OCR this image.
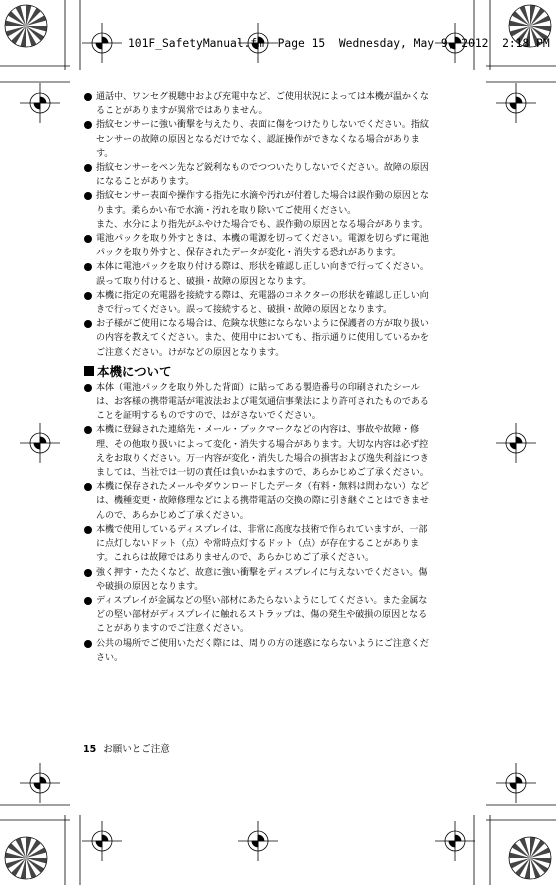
101F_SafetyManual.fm  Page 15  Wednesday, May 9, 2012  2:18 PM
通話中、ワンセグ視聴中および充電中など、ご使用状況によっては本機が温かくなることがありますが異常ではありません。
指紋センサーに強い衝撃を与えたり、表面に傷をつけたりしないでください。指紋センサーの故障の原因となるだけでなく、認証操作ができなくなる場合があります。
指紋センサーをペン先など鋭利なものでつついたりしないでください。故障の原因になることがあります。
指紋センサー表面や操作する指先に水滴や汚れが付着した場合は誤作動の原因となります。柔らかい布で水滴・汚れを取り除いてご使用ください。
また、水分により指先がふやけた場合でも、誤作動の原因となる場合があります。
電池パックを取り外すときは、本機の電源を切ってください。電源を切らずに電池パックを取り外すと、保存されたデータが変化・消失する恐れがあります。
本体に電池パックを取り付ける際は、形状を確認し正しい向きで行ってください。誤って取り付けると、破損・故障の原因となります。
本機に指定の充電器を接続する際は、充電器のコネクターの形状を確認し正しい向きで行ってください。誤って接続すると、破損・故障の原因となります。
お子様がご使用になる場合は、危険な状態にならないように保護者の方が取り扱いの内容を教えてください。また、使用中においても、指示通りに使用しているかをご注意ください。けがなどの原因となります。
本機について
本体（電池パックを取り外した背面）に貼ってある製造番号の印刷されたシールは、お客様の携帯電話が電波法および電気通信事業法により許可されたものであることを証明するものですので、はがさないでください。
本機に登録された連絡先・メール・ブックマークなどの内容は、事故や故障・修理、その他取り扱いによって変化・消失する場合があります。大切な内容は必ず控えをお取りください。万一内容が変化・消失した場合の損害および逸失利益につきましては、当社では一切の責任は負いかねますので、あらかじめご了承ください。
本機に保存されたメールやダウンロードしたデータ（有料・無料は問わない）などは、機種変更・故障修理などによる携帯電話の交換の際に引き継ぐことはできませんので、あらかじめご了承ください。
本機で使用しているディスプレイは、非常に高度な技術で作られていますが、一部に点灯しないドット（点）や常時点灯するドット（点）が存在することがあります。これらは故障ではありませんので、あらかじめご了承ください。
強く押す・たたくなど、故意に強い衝撃をディスプレイに与えないでください。傷や破損の原因となります。
ディスプレイが金属などの堅い部材にあたらないようにしてください。また金属などの堅い部材がディスプレイに触れるストラップは、傷の発生や破損の原因となることがありますのでご注意ください。
公共の場所でご使用いただく際には、周りの方の迷惑にならないようにご注意ください。
15 お願いとご注意
